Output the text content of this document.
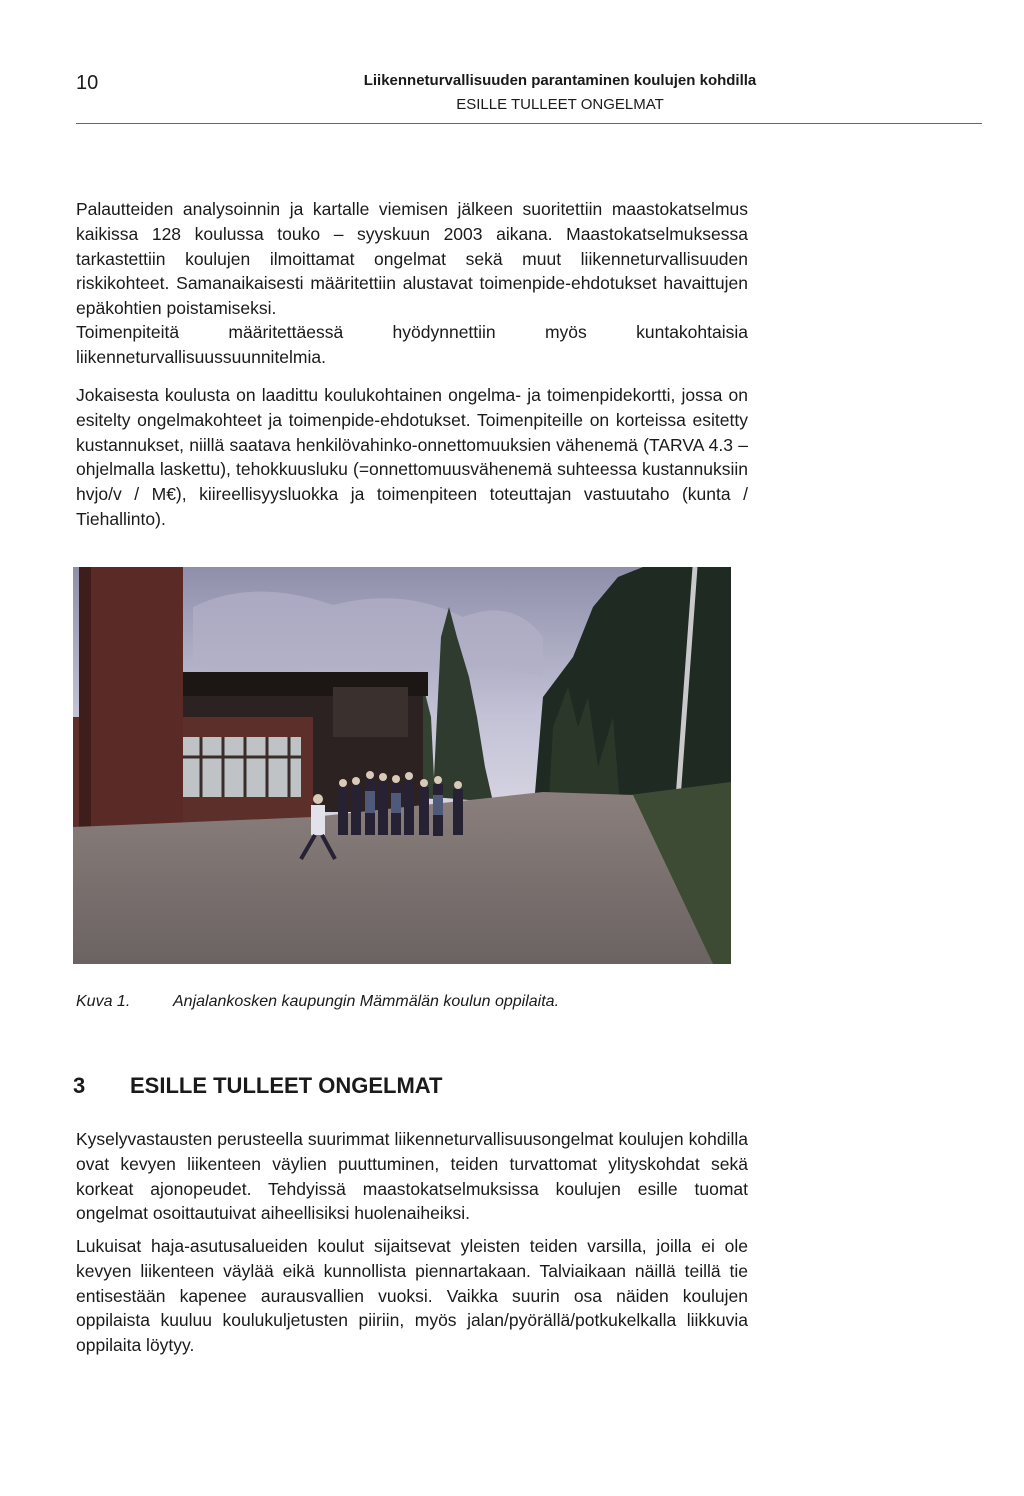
10	Liikenneturvallisuuden parantaminen koulujen kohdilla
ESILLE TULLEET ONGELMAT

Palautteiden analysoinnin ja kartalle viemisen jälkeen suoritettiin maastokatselmus kaikissa 128 koulussa touko – syyskuun 2003 aikana. Maastokatselmuksessa tarkastettiin koulujen ilmoittamat ongelmat sekä muut liikenneturvallisuuden riskikohteet. Samanaikaisesti määritettiin alustavat toimenpide-ehdotukset havaittujen epäkohtien poistamiseksi.

Toimenpiteitä määritettäessä hyödynnettiin myös kuntakohtaisia liikenneturvallisuussuunnitelmia.

Jokaisesta koulusta on laadittu koulukohtainen ongelma- ja toimenpidekortti, jossa on esitelty ongelmakohteet ja toimenpide-ehdotukset. Toimenpiteille on korteissa esitetty kustannukset, niillä saatava henkilövahinko-onnettomuuksien vähenemä (TARVA 4.3 –ohjelmalla laskettu), tehokkuusluku (=onnettomuusvähenemä suhteessa kustannuksiin hvjo/v / M€), kiireellisyysluokka ja toimenpiteen toteuttajan vastuutaho (kunta / Tiehallinto).

Kuva 1.	Anjalankosken kaupungin Mämmälän koulun oppilaita.
3 ESILLE TULLEET ONGELMAT

Kyselyvastausten perusteella suurimmat liikenneturvallisuusongelmat koulujen kohdilla ovat kevyen liikenteen väylien puuttuminen, teiden turvattomat ylityskohdat sekä korkeat ajonopeudet. Tehdyissä maastokatselmuksissa koulujen esille tuomat ongelmat osoittautuivat aiheellisiksi huolenaiheiksi.

Lukuisat haja-asutusalueiden koulut sijaitsevat yleisten teiden varsilla, joilla ei ole kevyen liikenteen väylää eikä kunnollista piennartakaan. Talviaikaan näillä teillä tie entisestään kapenee aurausvallien vuoksi. Vaikka suurin osa näiden koulujen oppilaista kuuluu koulukuljetusten piiriin, myös jalan/pyörällä/potkukelkalla liikkuvia oppilaita löytyy.
